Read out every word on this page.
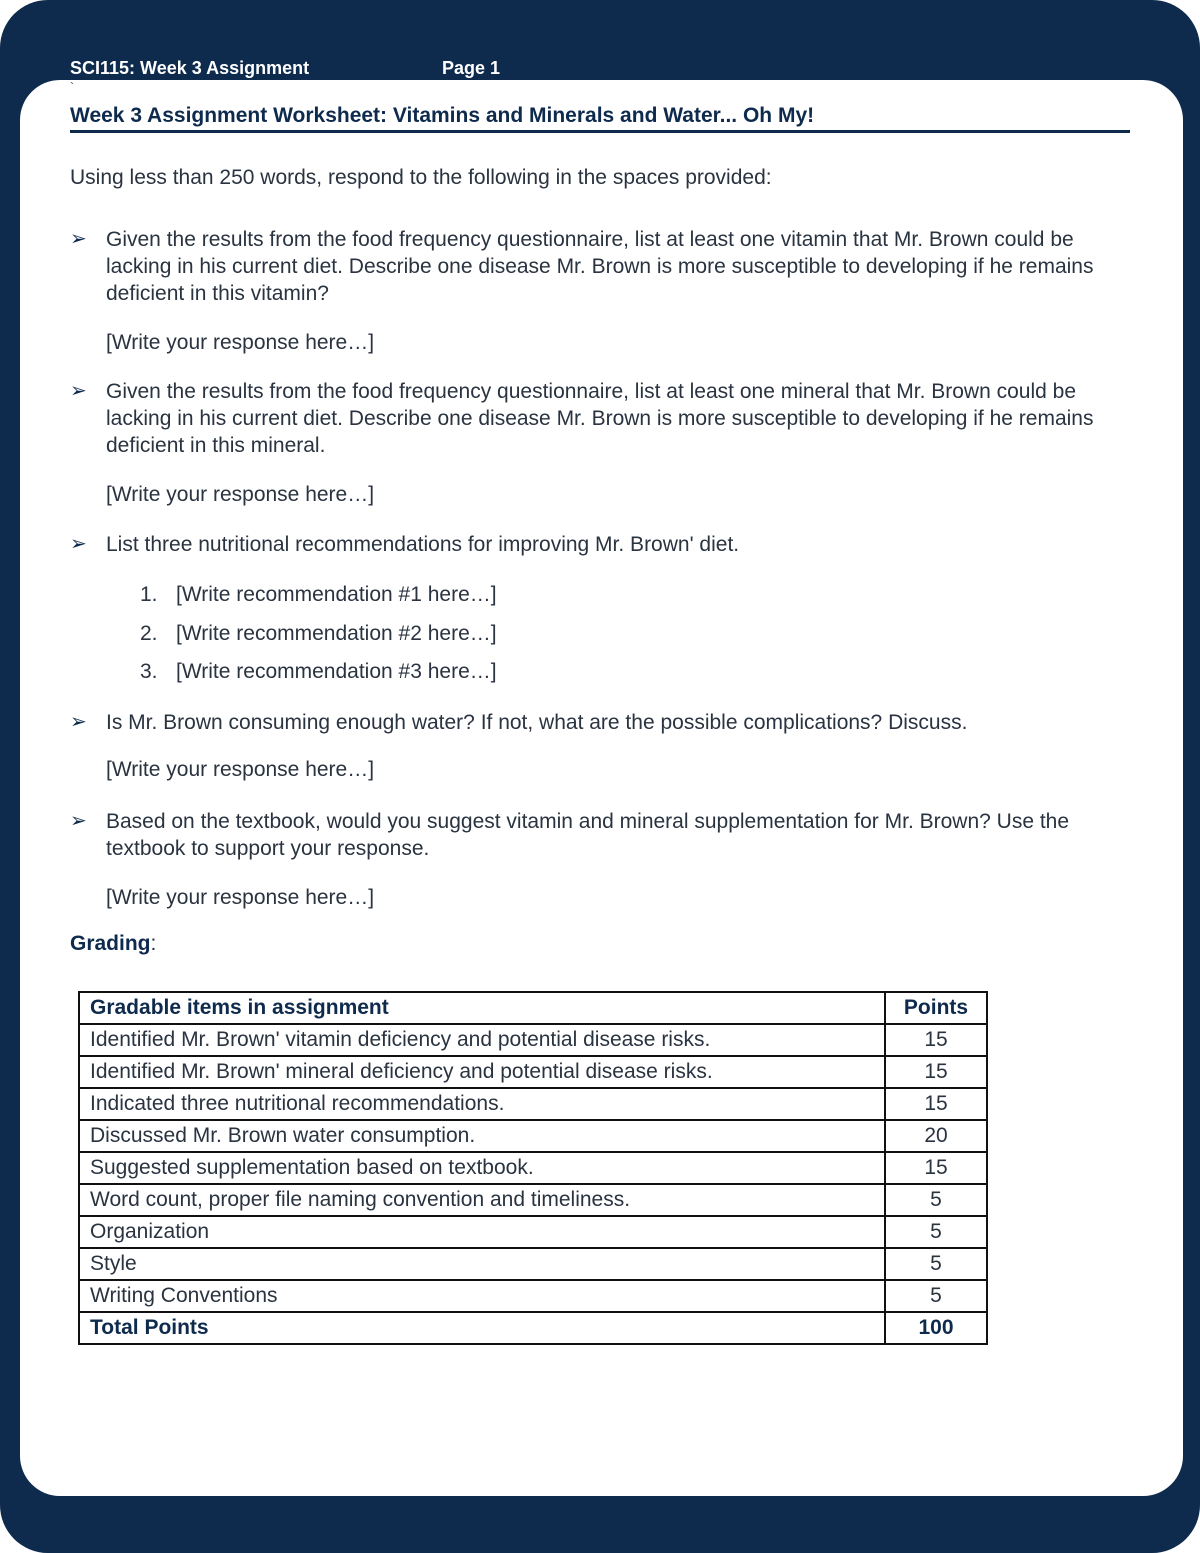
SCI115: Week 3 Assignment	Page 1
`
Week 3 Assignment Worksheet: Vitamins and Minerals and Water... Oh My!
Using less than 250 words, respond to the following in the spaces provided:
➢ Given the results from the food frequency questionnaire, list at least one vitamin that Mr. Brown could be lacking in his current diet. Describe one disease Mr. Brown is more susceptible to developing if he remains deficient in this vitamin?
[Write your response here…]
➢ Given the results from the food frequency questionnaire, list at least one mineral that Mr. Brown could be lacking in his current diet. Describe one disease Mr. Brown is more susceptible to developing if he remains deficient in this mineral.
[Write your response here…]
➢ List three nutritional recommendations for improving Mr. Brown' diet.
1. [Write recommendation #1 here…]
2. [Write recommendation #2 here…]
3. [Write recommendation #3 here…]
➢ Is Mr. Brown consuming enough water? If not, what are the possible complications? Discuss.
[Write your response here…]
➢ Based on the textbook, would you suggest vitamin and mineral supplementation for Mr. Brown? Use the textbook to support your response.
[Write your response here…]
Grading:
Gradable items in assignment	Points
Identified Mr. Brown' vitamin deficiency and potential disease risks.	15
Identified Mr. Brown' mineral deficiency and potential disease risks.	15
Indicated three nutritional recommendations.	15
Discussed Mr. Brown water consumption.	20
Suggested supplementation based on textbook.	15
Word count, proper file naming convention and timeliness.	5
Organization	5
Style	5
Writing Conventions	5
Total Points	100
